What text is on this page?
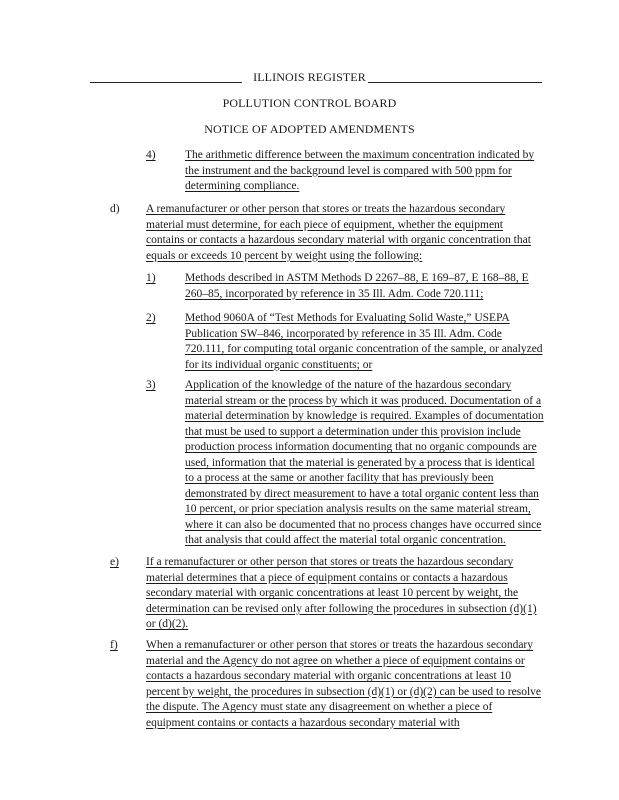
ILLINOIS REGISTER
POLLUTION CONTROL BOARD
NOTICE OF ADOPTED AMENDMENTS
4)	The arithmetic difference between the maximum concentration indicated by the instrument and the background level is compared with 500 ppm for determining compliance.
d) A remanufacturer or other person that stores or treats the hazardous secondary material must determine, for each piece of equipment, whether the equipment contains or contacts a hazardous secondary material with organic concentration that equals or exceeds 10 percent by weight using the following:
1)	Methods described in ASTM Methods D 2267–88, E 169–87, E 168–88, E 260–85, incorporated by reference in 35 Ill. Adm. Code 720.111;
2)	Method 9060A of “Test Methods for Evaluating Solid Waste,” USEPA Publication SW–846, incorporated by reference in 35 Ill. Adm. Code 720.111, for computing total organic concentration of the sample, or analyzed for its individual organic constituents; or
3)	Application of the knowledge of the nature of the hazardous secondary material stream or the process by which it was produced. Documentation of a material determination by knowledge is required. Examples of documentation that must be used to support a determination under this provision include production process information documenting that no organic compounds are used, information that the material is generated by a process that is identical to a process at the same or another facility that has previously been demonstrated by direct measurement to have a total organic content less than 10 percent, or prior speciation analysis results on the same material stream, where it can also be documented that no process changes have occurred since that analysis that could affect the material total organic concentration.
e) If a remanufacturer or other person that stores or treats the hazardous secondary material determines that a piece of equipment contains or contacts a hazardous secondary material with organic concentrations at least 10 percent by weight, the determination can be revised only after following the procedures in subsection (d)(1) or (d)(2).
f) When a remanufacturer or other person that stores or treats the hazardous secondary material and the Agency do not agree on whether a piece of equipment contains or contacts a hazardous secondary material with organic concentrations at least 10 percent by weight, the procedures in subsection (d)(1) or (d)(2) can be used to resolve the dispute. The Agency must state any disagreement on whether a piece of equipment contains or contacts a hazardous secondary material with
